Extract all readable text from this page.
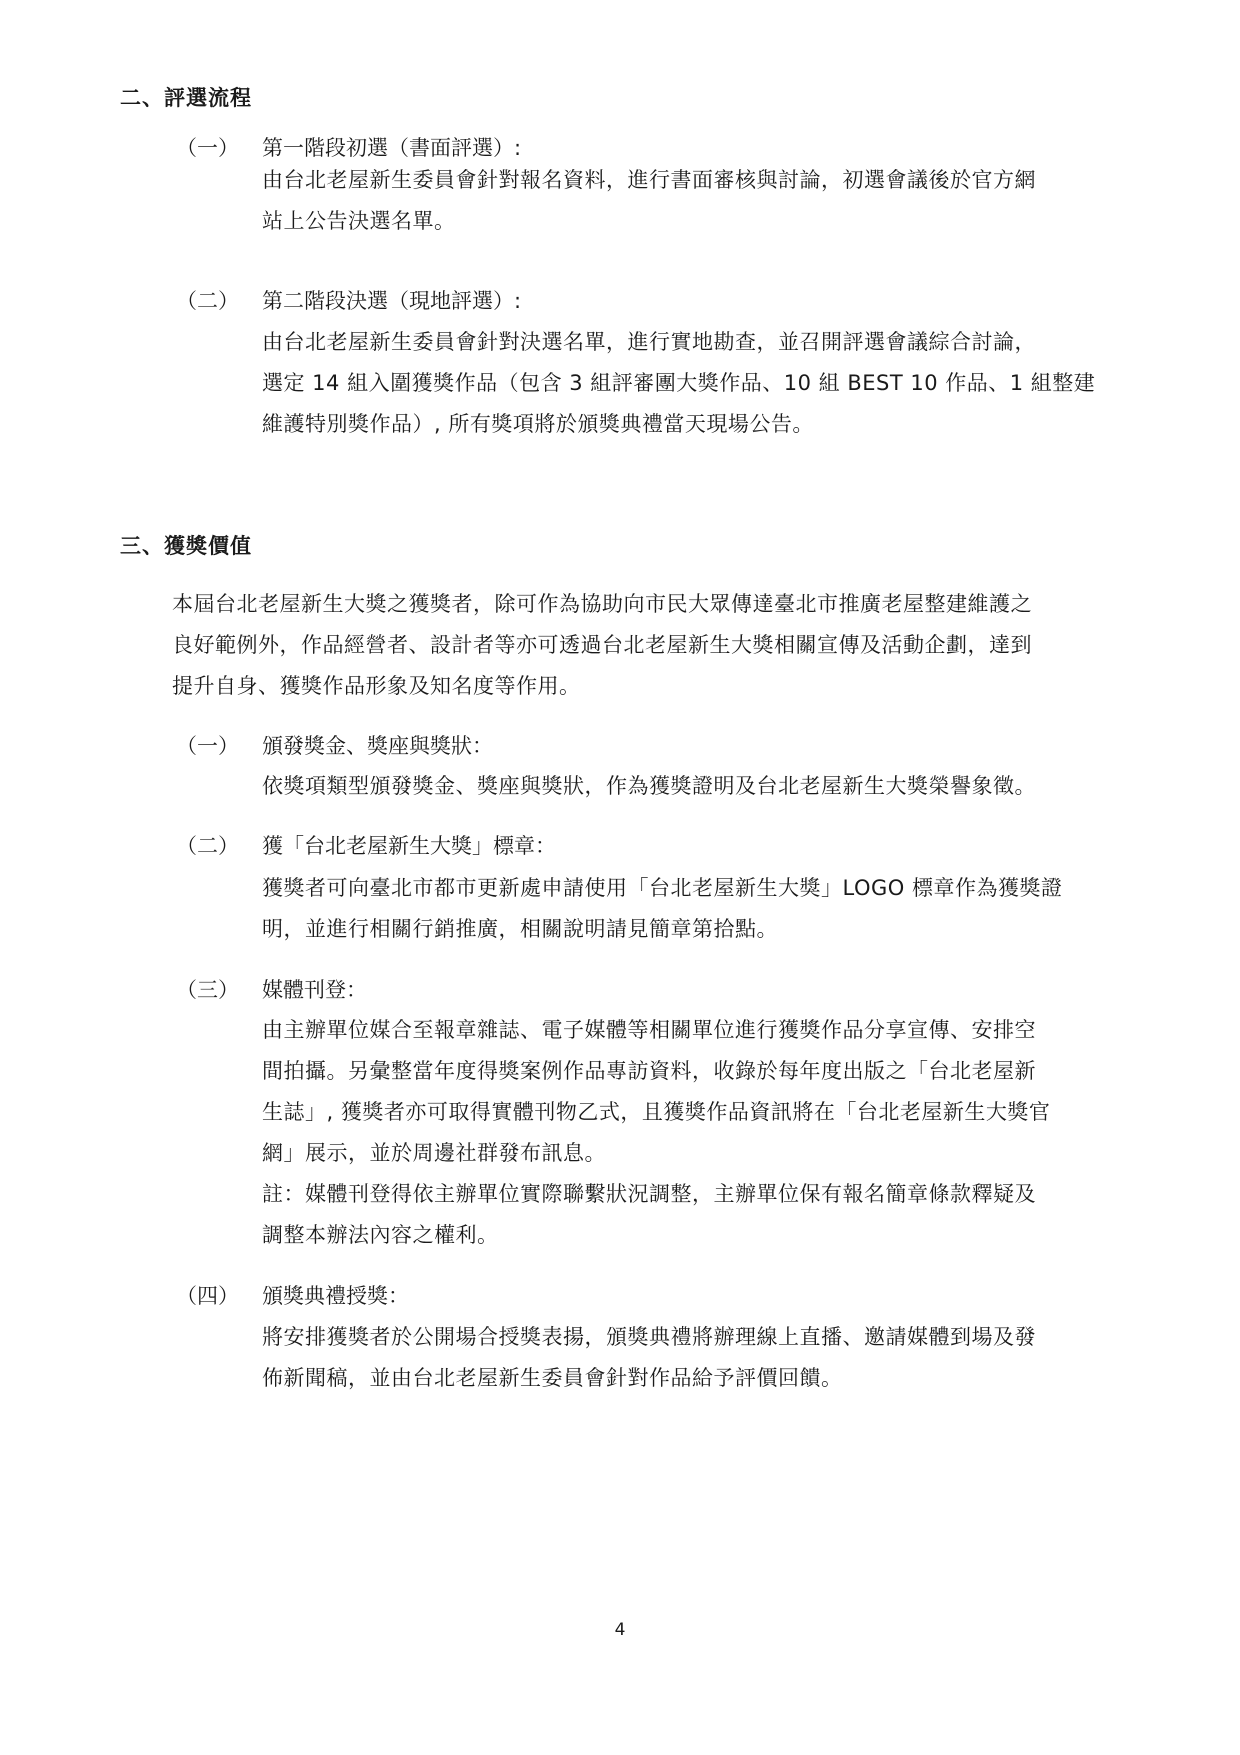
二、評選流程
（一） 第一階段初選（書面評選）:
由台北老屋新生委員會針對報名資料，進行書面審核與討論，初選會議後於官方網
站上公告決選名單。
（二） 第二階段決選（現地評選）:
由台北老屋新生委員會針對決選名單，進行實地勘查，並召開評選會議綜合討論，
選定 14 組入圍獲獎作品（包含 3 組評審團大獎作品、10 組 BEST 10 作品、1 組整建
維護特別獎作品）, 所有獎項將於頒獎典禮當天現場公告。
三、獲獎價值
本屆台北老屋新生大獎之獲獎者，除可作為協助向市民大眾傳達臺北市推廣老屋整建維護之
良好範例外，作品經營者、設計者等亦可透過台北老屋新生大獎相關宣傳及活動企劃，達到
提升自身、獲獎作品形象及知名度等作用。
（一） 頒發獎金、獎座與獎狀：
依獎項類型頒發獎金、獎座與獎狀，作為獲獎證明及台北老屋新生大獎榮譽象徵。
（二） 獲「台北老屋新生大獎」標章：
獲獎者可向臺北市都市更新處申請使用「台北老屋新生大獎」LOGO 標章作為獲獎證
明，並進行相關行銷推廣，相關說明請見簡章第拾點。
（三） 媒體刊登：
由主辦單位媒合至報章雜誌、電子媒體等相關單位進行獲獎作品分享宣傳、安排空
間拍攝。另彙整當年度得獎案例作品專訪資料，收錄於每年度出版之「台北老屋新
生誌」, 獲獎者亦可取得實體刊物乙式，且獲獎作品資訊將在「台北老屋新生大獎官
網」展示，並於周邊社群發布訊息。
註：媒體刊登得依主辦單位實際聯繫狀況調整，主辦單位保有報名簡章條款釋疑及
調整本辦法內容之權利。
（四） 頒獎典禮授獎：
將安排獲獎者於公開場合授獎表揚，頒獎典禮將辦理線上直播、邀請媒體到場及發
佈新聞稿，並由台北老屋新生委員會針對作品給予評價回饋。
4
